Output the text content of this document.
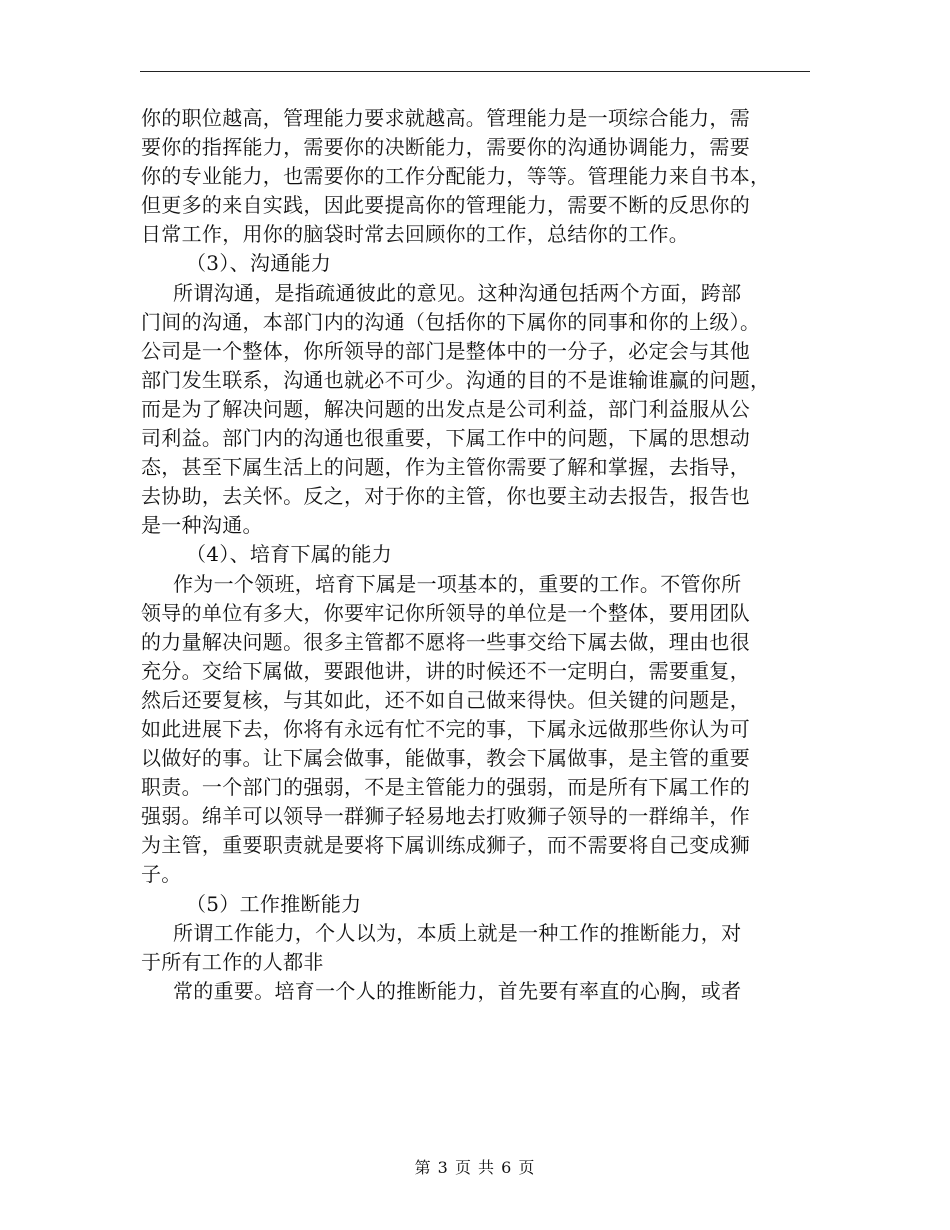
你的职位越高，管理能力要求就越高。管理能力是一项综合能力，需
要你的指挥能力，需要你的决断能力，需要你的沟通协调能力，需要
你的专业能力，也需要你的工作分配能力，等等。管理能力来自书本，
但更多的来自实践，因此要提高你的管理能力，需要不断的反思你的
日常工作，用你的脑袋时常去回顾你的工作，总结你的工作。
（3）、沟通能力
所谓沟通，是指疏通彼此的意见。这种沟通包括两个方面，跨部
门间的沟通，本部门内的沟通（包括你的下属你的同事和你的上级）。
公司是一个整体，你所领导的部门是整体中的一分子，必定会与其他
部门发生联系，沟通也就必不可少。沟通的目的不是谁输谁赢的问题，
而是为了解决问题，解决问题的出发点是公司利益，部门利益服从公
司利益。部门内的沟通也很重要，下属工作中的问题，下属的思想动
态，甚至下属生活上的问题，作为主管你需要了解和掌握，去指导，
去协助，去关怀。反之，对于你的主管，你也要主动去报告，报告也
是一种沟通。
（4）、培育下属的能力
作为一个领班，培育下属是一项基本的，重要的工作。不管你所
领导的单位有多大，你要牢记你所领导的单位是一个整体，要用团队
的力量解决问题。很多主管都不愿将一些事交给下属去做，理由也很
充分。交给下属做，要跟他讲，讲的时候还不一定明白，需要重复，
然后还要复核，与其如此，还不如自己做来得快。但关键的问题是，
如此进展下去，你将有永远有忙不完的事，下属永远做那些你认为可
以做好的事。让下属会做事，能做事，教会下属做事，是主管的重要
职责。一个部门的强弱，不是主管能力的强弱，而是所有下属工作的
强弱。绵羊可以领导一群狮子轻易地去打败狮子领导的一群绵羊，作
为主管，重要职责就是要将下属训练成狮子，而不需要将自己变成狮
子。
（5）工作推断能力
所谓工作能力，个人以为，本质上就是一种工作的推断能力，对
于所有工作的人都非
常的重要。培育一个人的推断能力，首先要有率直的心胸，或者
第 3 页 共 6 页
